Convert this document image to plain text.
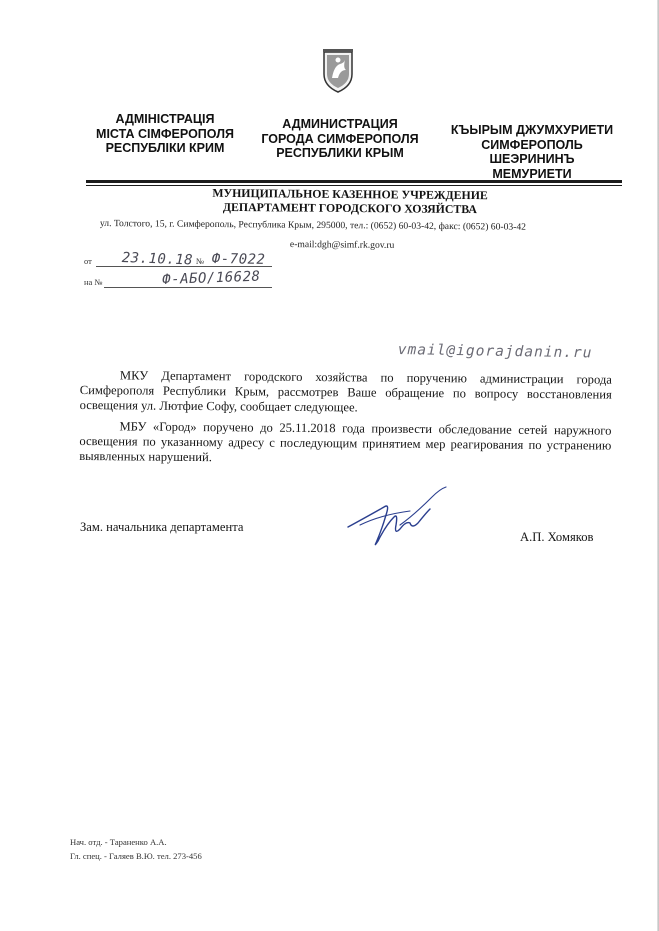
АДМІНІСТРАЦІЯ
МІСТА СІМФЕРОПОЛЯ
РЕСПУБЛІКИ КРИМ
АДМИНИСТРАЦИЯ
ГОРОДА СИМФЕРОПОЛЯ
РЕСПУБЛИКИ КРЫМ
КЪЫРЫМ ДЖУМХУРИЕТИ
СИМФЕРОПОЛЬ
ШЕЭРИНИНЪ
МЕМУРИЕТИ
МУНИЦИПАЛЬНОЕ КАЗЕННОЕ УЧРЕЖДЕНИЕ
ДЕПАРТАМЕНТ ГОРОДСКОГО ХОЗЯЙСТВА
ул. Толстого, 15, г. Симферополь, Республика Крым, 295000, тел.: (0652) 60-03-42, факс: (0652) 60-03-42
e-mail:dgh@simf.rk.gov.ru
от	№
23.10.18 Ф-7022
на №	Ф-АБО/16628
vmail@igorajdanin.ru

МКУ Департамент городского хозяйства по поручению администрации города Симферополя Республики Крым, рассмотрев Ваше обращение по вопросу восстановления освещения ул. Лютфие Софу, сообщает следующее.

МБУ «Город» поручено до 25.11.2018 года произвести обследование сетей наружного освещения по указанному адресу с последующим принятием мер реагирования по устранению выявленных нарушений.

Зам. начальника департамента
А.П. Хомяков
Нач. отд. - Тараненко А.А.
Гл. спец. - Галяев В.Ю. тел. 273-456
